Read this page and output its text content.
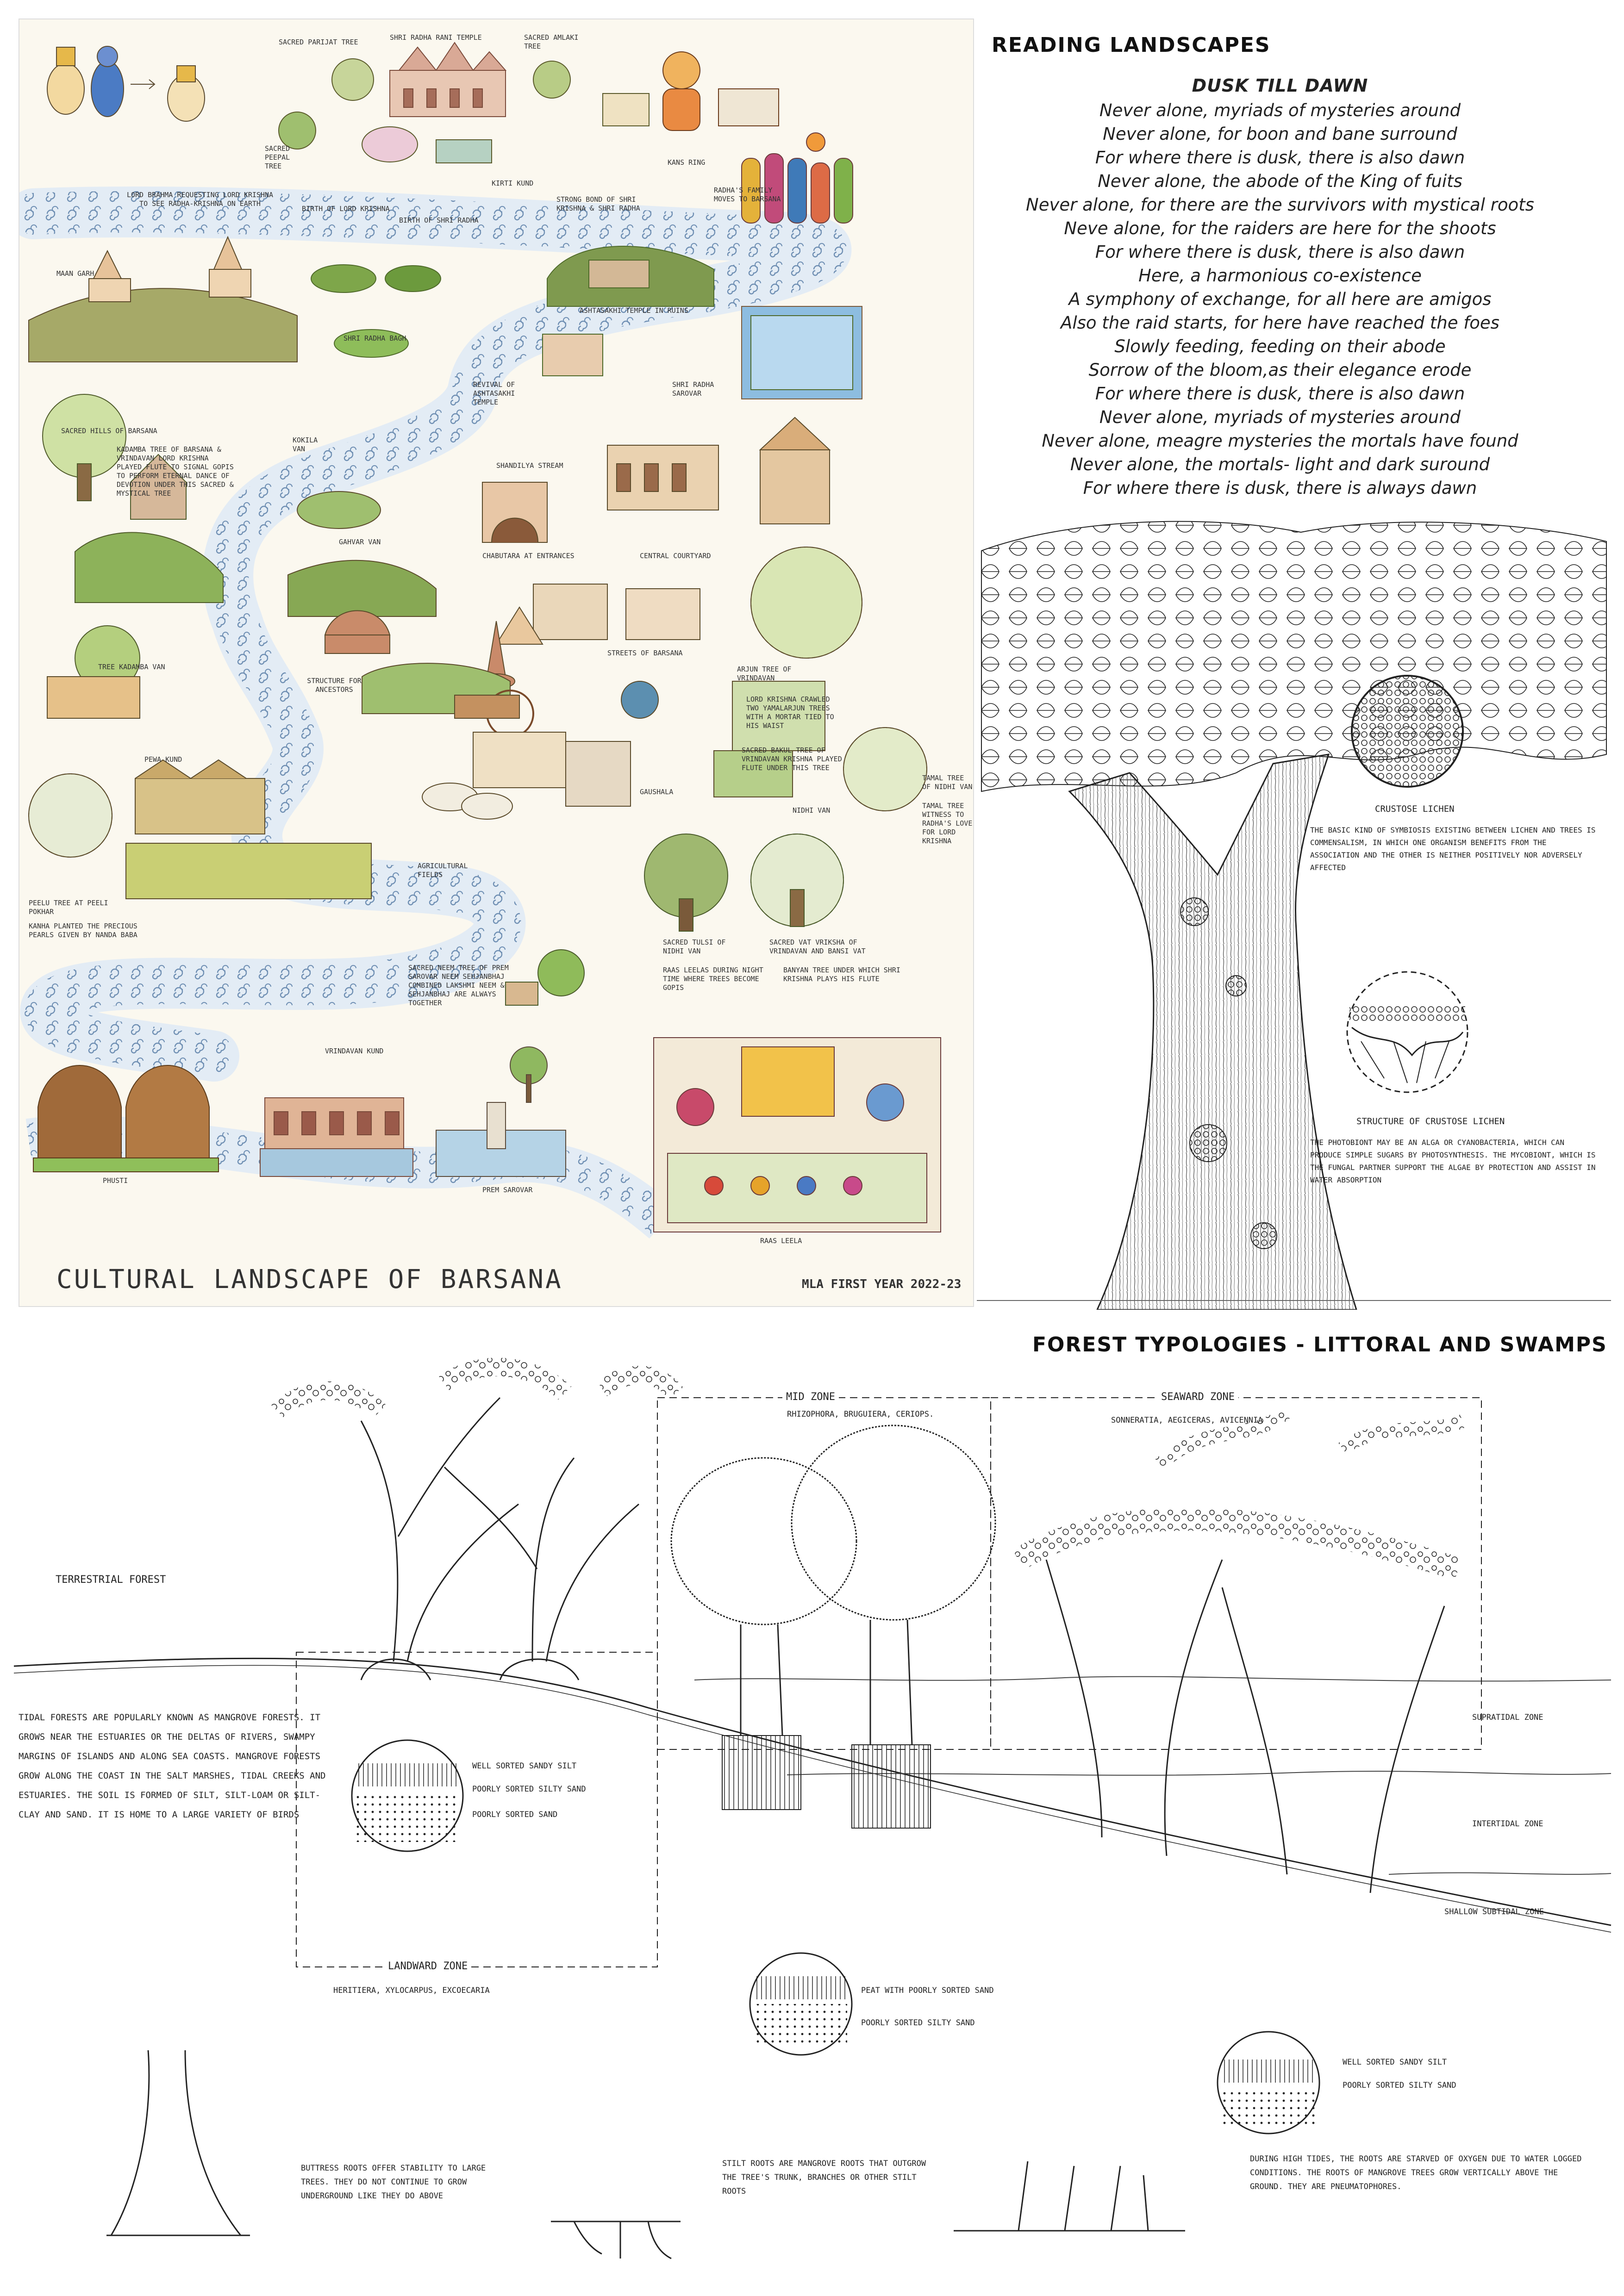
READING LANDSCAPES
FOREST TYPOLOGIES - LITTORAL AND SWAMPS
LORD BRAHMA REQUESTING LORD KRISHNA TO SEE RADHA-KRISHNA ON EARTH
SACRED PARIJAT TREE
SHRI RADHA RANI TEMPLE	SACRED AMLAKI TREE
SACRED PEEPAL TREE
BIRTH OF LORD KRISHNA
BIRTH OF SHRI RADHA
KIRTI KUND
STRONG BOND OF SHRI KRISHNA & SHRI RADHA
KANS RING
RADHA'S FAMILY MOVES TO BARSANA
MAAN GARH
ASHTASAKHI TEMPLE IN RUINS
SHRI RADHA BAGH
SACRED HILLS OF BARSANA
REVIVAL OF ASHTASAKHI TEMPLE
SHRI RADHA SAROVAR
KOKILA VAN
KADAMBA TREE OF BARSANA & VRINDAVAN LORD KRISHNA PLAYED FLUTE TO SIGNAL GOPIS TO PERFORM ETERNAL DANCE OF DEVOTION UNDER THIS SACRED & MYSTICAL TREE
GAHVAR VAN
SHANDILYA STREAM
CHABUTARA AT ENTRANCES	CENTRAL COURTYARD
TREE KADAMBA VAN
STREETS OF BARSANA
STRUCTURE FOR ANCESTORS
ARJUN TREE OF VRINDAVAN
LORD KRISHNA CRAWLED TWO YAMALARJUN TREES WITH A MORTAR TIED TO HIS WAIST
PEWA KUND
SACRED BAKUL TREE OF VRINDAVAN KRISHNA PLAYED FLUTE UNDER THIS TREE
GAUSHALA
NIDHI VAN
TAMAL TREE OF NIDHI VAN
TAMAL TREE WITNESS TO RADHA'S LOVE FOR LORD KRISHNA
AGRICULTURAL FIELDS
PEELU TREE AT PEELI POKHAR
KANHA PLANTED THE PRECIOUS PEARLS GIVEN BY NANDA BABA
SACRED TULSI OF NIDHI VAN
SACRED VAT VRIKSHA OF VRINDAVAN AND BANSI VAT
RAAS LEELAS DURING NIGHT TIME WHERE TREES BECOME GOPIS
BANYAN TREE UNDER WHICH SHRI KRISHNA PLAYS HIS FLUTE
SACRED NEEM TREE OF PREM SAROVAR NEEM SEHJANBHAJ COMBINED LAKSHMI NEEM & SEHJANBHAJ ARE ALWAYS TOGETHER
VRINDAVAN KUND
PHUSTI
PREM SAROVAR
RAAS LEELA
CULTURAL LANDSCAPE OF BARSANA	MLA FIRST YEAR 2022-23
DUSK TILL DAWN
Never alone, myriads of mysteries around
Never alone, for boon and bane surround
For where there is dusk, there is also dawn
Never alone, the abode of the King of fuits
Never alone, for there are the survivors with mystical roots
Neve alone, for the raiders are here for the shoots
For where there is dusk, there is also dawn
Here, a harmonious co-existence
A symphony of exchange, for all here are amigos
Also the raid starts, for here have reached the foes
Slowly feeding, feeding on their abode
Sorrow of the bloom,as their elegance erode
For where there is dusk, there is also dawn
Never alone, myriads of mysteries around
Never alone, meagre mysteries the mortals have found
Never alone, the mortals- light and dark suround
For where there is dusk, there is always dawn
CRUSTOSE LICHEN
THE BASIC KIND OF SYMBIOSIS EXISTING BETWEEN LICHEN AND TREES IS COMMENSALISM, IN WHICH ONE ORGANISM BENEFITS FROM THE ASSOCIATION AND THE OTHER IS NEITHER POSITIVELY NOR ADVERSELY AFFECTED
STRUCTURE OF CRUSTOSE LICHEN
THE PHOTOBIONT MAY BE AN ALGA OR CYANOBACTERIA, WHICH CAN PRODUCE SIMPLE SUGARS BY PHOTOSYNTHESIS. THE MYCOBIONT, WHICH IS THE FUNGAL PARTNER SUPPORT THE ALGAE BY PROTECTION AND ASSIST IN WATER ABSORPTION
TERRESTRIAL FOREST
MID ZONE
RHIZOPHORA, BRUGUIERA, CERIOPS.
SEAWARD ZONE
SONNERATIA, AEGICERAS, AVICENNIA
LANDWARD ZONE
HERITIERA, XYLOCARPUS, EXCOECARIA
SUPRATIDAL ZONE
INTERTIDAL ZONE
SHALLOW SUBTIDAL ZONE
TIDAL FORESTS ARE POPULARLY KNOWN AS MANGROVE FORESTS. IT GROWS NEAR THE ESTUARIES OR THE DELTAS OF RIVERS, SWAMPY MARGINS OF ISLANDS AND ALONG SEA COASTS. MANGROVE FORESTS GROW ALONG THE COAST IN THE SALT MARSHES, TIDAL CREEKS AND ESTUARIES. THE SOIL IS FORMED OF SILT, SILT-LOAM OR SILT-CLAY AND SAND. IT IS HOME TO A LARGE VARIETY OF BIRDS
WELL SORTED SANDY SILT
POORLY SORTED SILTY SAND
POORLY SORTED SAND
PEAT WITH POORLY SORTED SAND
POORLY SORTED SILTY SAND
WELL SORTED SANDY SILT
POORLY SORTED SILTY SAND
BUTTRESS ROOTS OFFER STABILITY TO LARGE TREES. THEY DO NOT CONTINUE TO GROW UNDERGROUND LIKE THEY DO ABOVE
STILT ROOTS ARE MANGROVE ROOTS THAT OUTGROW THE TREE'S TRUNK, BRANCHES OR OTHER STILT ROOTS
DURING HIGH TIDES, THE ROOTS ARE STARVED OF OXYGEN DUE TO WATER LOGGED CONDITIONS. THE ROOTS OF MANGROVE TREES GROW VERTICALLY ABOVE THE GROUND. THEY ARE PNEUMATOPHORES.
